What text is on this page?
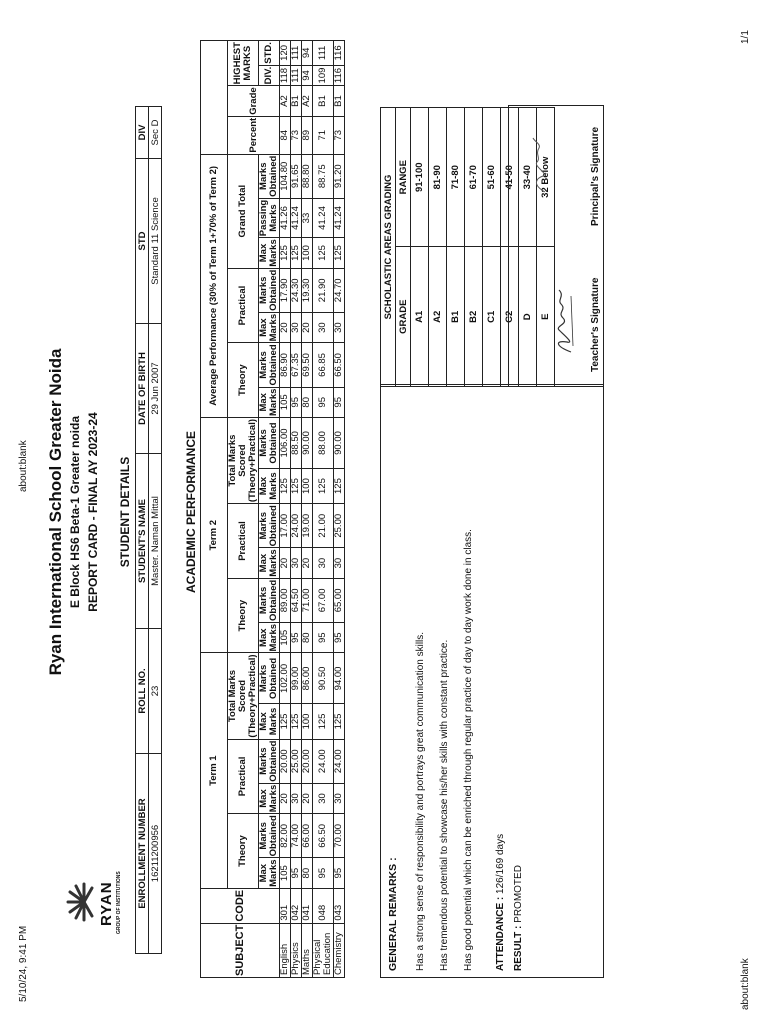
5/10/24, 9:41 PM
about:blank
about:blank
1/1
RYAN GROUP OF INSTITUTIONS
Ryan International School Greater Noida E Block HS6 Beta-1 Greater noida REPORT CARD - FINAL AY 2023-24 STUDENT DETAILS
ENROLLMENT NUMBER	ROLL NO.	STUDENT'S NAME	DATE OF BIRTH	STD	DIV
16211200956	23	Master. Naman Mittal	29 Jun 2007	Standard 11 Science	Sec D
ACADEMIC PERFORMANCE
SUBJECT	CODE	Term 1						Term 2						Average Performance (30% of Term 1+70% of Term 2)										
		Theory		Practical		Total Marks Scored (Theory+Practical)		Theory		Practical		Total Marks Scored (Theory+Practical)		Theory		Practical		Grand Total			Percent	Grade	HIGHEST MARKS	

		Max Marks	Marks Obtained	Max Marks	Marks Obtained	Max Marks	Marks Obtained	Max Marks	Marks Obtained	Max Marks	Marks Obtained	Max Marks	Marks Obtained	Max Marks	Marks Obtained	Max Marks	Marks Obtained	Max Marks	Passing Marks	Marks Obtained			DIV.	STD.
English	301	105	82.00	20	20.00	125	102.00	105	89.00	20	17.00	125	106.00	105	86.90	20	17.90	125	41.26	104.80	84	A2	118	120
Physics	042	95	74.00	30	25.00	125	99.00	95	64.50	30	24.00	125	88.50	95	67.35	30	24.30	125	41.24	91.65	73	B1	111	111
Maths	041	80	66.00	20	20.00	100	86.00	80	71.00	20	19.00	100	90.00	80	69.50	20	19.30	100	33	88.80	89	A2	94	94
Physical Education	048	95	66.50	30	24.00	125	90.50	95	67.00	30	21.00	125	88.00	95	66.85	30	21.90	125	41.24	88.75	71	B1	109	111
Chemistry	043	95	70.00	30	24.00	125	94.00	95	65.00	30	25.00	125	90.00	95	66.50	30	24.70	125	41.24	91.20	73	B1	116	116
GENERAL REMARKS : Has a strong sense of responsibility and portrays great communication skills. Has tremendous potential to showcase his/her skills with constant practice. Has good potential which can be enriched through regular practice of day to day work done in class. ATTENDANCE : 126/169 days
RESULT : PROMOTED
SCHOLASTIC AREAS GRADING	
GRADE	RANGE
A1	91-100
A2	81-90
B1	71-80
B2	61-70
C1	51-60
C2	41-50
D	33-40
E	32 Below
Teacher's Signature
Principal's Signature
